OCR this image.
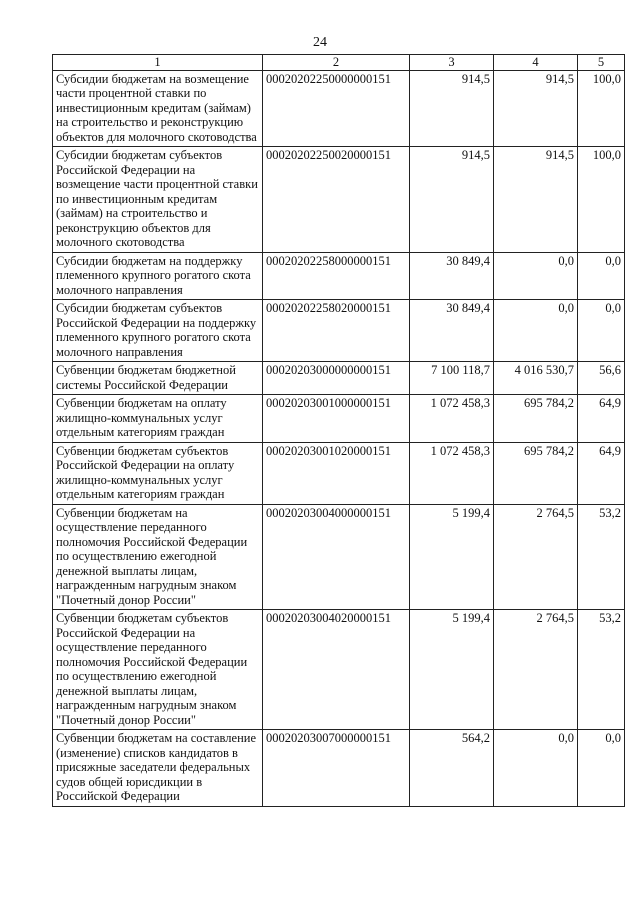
24
1	2	3	4	5
Субсидии бюджетам на возмещение части процентной ставки по инвестиционным кредитам (займам) на строительство и реконструкцию объектов для молочного скотоводства	00020202250000000151	914,5	914,5	100,0
Субсидии бюджетам субъектов Российской Федерации на возмещение части процентной ставки по инвестиционным кредитам (займам) на строительство и реконструкцию объектов для молочного скотоводства	00020202250020000151	914,5	914,5	100,0
Субсидии бюджетам на поддержку племенного крупного рогатого скота молочного направления	00020202258000000151	30 849,4	0,0	0,0
Субсидии бюджетам субъектов Российской Федерации на поддержку племенного крупного рогатого скота молочного направления	00020202258020000151	30 849,4	0,0	0,0
Субвенции бюджетам бюджетной системы Российской Федерации	00020203000000000151	7 100 118,7	4 016 530,7	56,6
Субвенции бюджетам на оплату жилищно-коммунальных услуг отдельным категориям граждан	00020203001000000151	1 072 458,3	695 784,2	64,9
Субвенции бюджетам субъектов Российской Федерации на оплату жилищно-коммунальных услуг отдельным категориям граждан	00020203001020000151	1 072 458,3	695 784,2	64,9
Субвенции бюджетам на осуществление переданного полномочия Российской Федерации по осуществлению ежегодной денежной выплаты лицам, награжденным нагрудным знаком "Почетный донор России"	00020203004000000151	5 199,4	2 764,5	53,2
Субвенции бюджетам субъектов Российской Федерации на осуществление переданного полномочия Российской Федерации по осуществлению ежегодной денежной выплаты лицам, награжденным нагрудным знаком "Почетный донор России"	00020203004020000151	5 199,4	2 764,5	53,2
Субвенции бюджетам на составление (изменение) списков кандидатов в присяжные заседатели федеральных судов общей юрисдикции в Российской Федерации	00020203007000000151	564,2	0,0	0,0
